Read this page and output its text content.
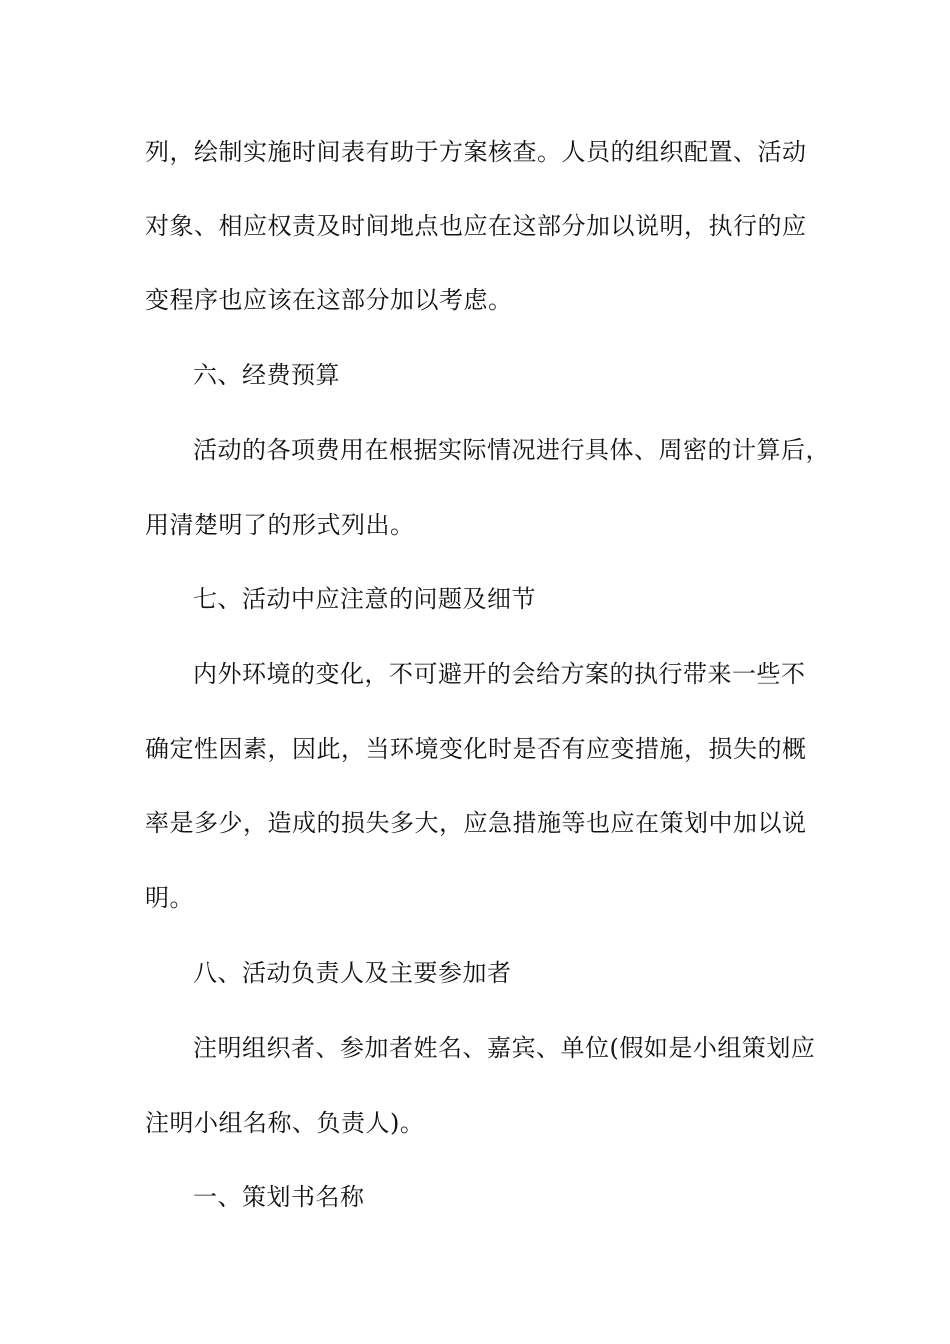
列，绘制实施时间表有助于方案核查。人员的组织配置、活动
对象、相应权责及时间地点也应在这部分加以说明，执行的应
变程序也应该在这部分加以考虑。
六、经费预算
活动的各项费用在根据实际情况进行具体、周密的计算后，
用清楚明了的形式列出。
七、活动中应注意的问题及细节
内外环境的变化，不可避开的会给方案的执行带来一些不
确定性因素，因此，当环境变化时是否有应变措施，损失的概
率是多少，造成的损失多大，应急措施等也应在策划中加以说
明。
八、活动负责人及主要参加者
注明组织者、参加者姓名、嘉宾、单位(假如是小组策划应
注明小组名称、负责人)。
一、策划书名称
